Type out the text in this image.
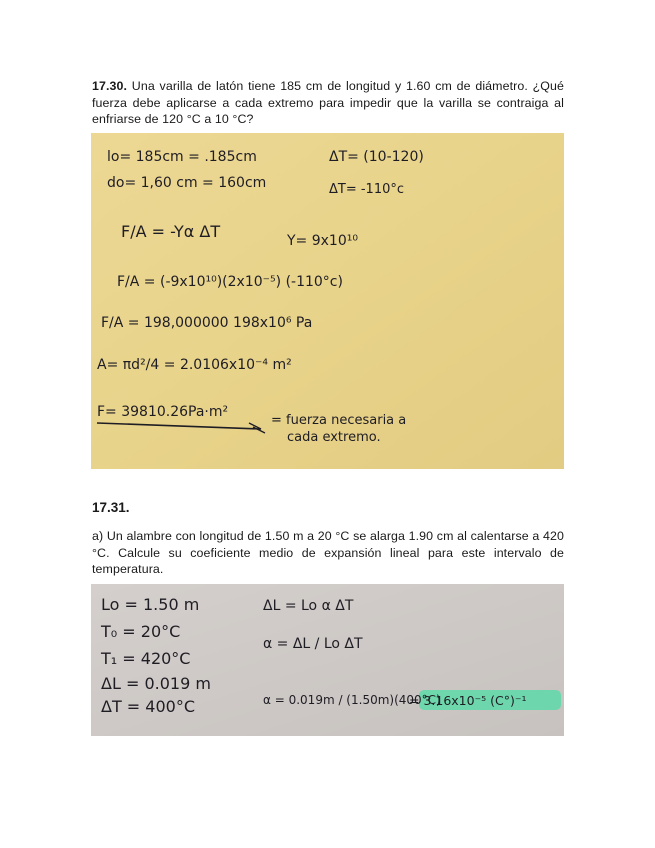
17.30. Una varilla de latón tiene 185 cm de longitud y 1.60 cm de diámetro. ¿Qué fuerza debe aplicarse a cada extremo para impedir que la varilla se contraiga al enfriarse de 120 °C a 10 °C?

lo= 185cm = .185cm	ΔT= (10-120)
do= 1,60 cm = 160cm	ΔT= -110°c
F/A = -Yα ΔT	Y= 9x10¹⁰
F/A = (-9x10¹⁰)(2x10⁻⁵) (-110°c)
F/A = 198,000000 198x10⁶ Pa
A= πd²/4 = 2.0106x10⁻⁴ m²
F= 39810.26Pa·m²
= fuerza necesaria a
cada extremo.

17.31.

a) Un alambre con longitud de 1.50 m a 20 °C se alarga 1.90 cm al calentarse a 420 °C. Calcule su coeficiente medio de expansión lineal para este intervalo de temperatura.

Lo = 1.50 m
T₀ = 20°C
T₁ = 420°C
ΔL = 0.019 m
ΔT = 400°C
ΔL = Lo α ΔT
α = ΔL / Lo ΔT
α = 0.019m / (1.50m)(400°C)
= 3.16x10⁻⁵ (C°)⁻¹
